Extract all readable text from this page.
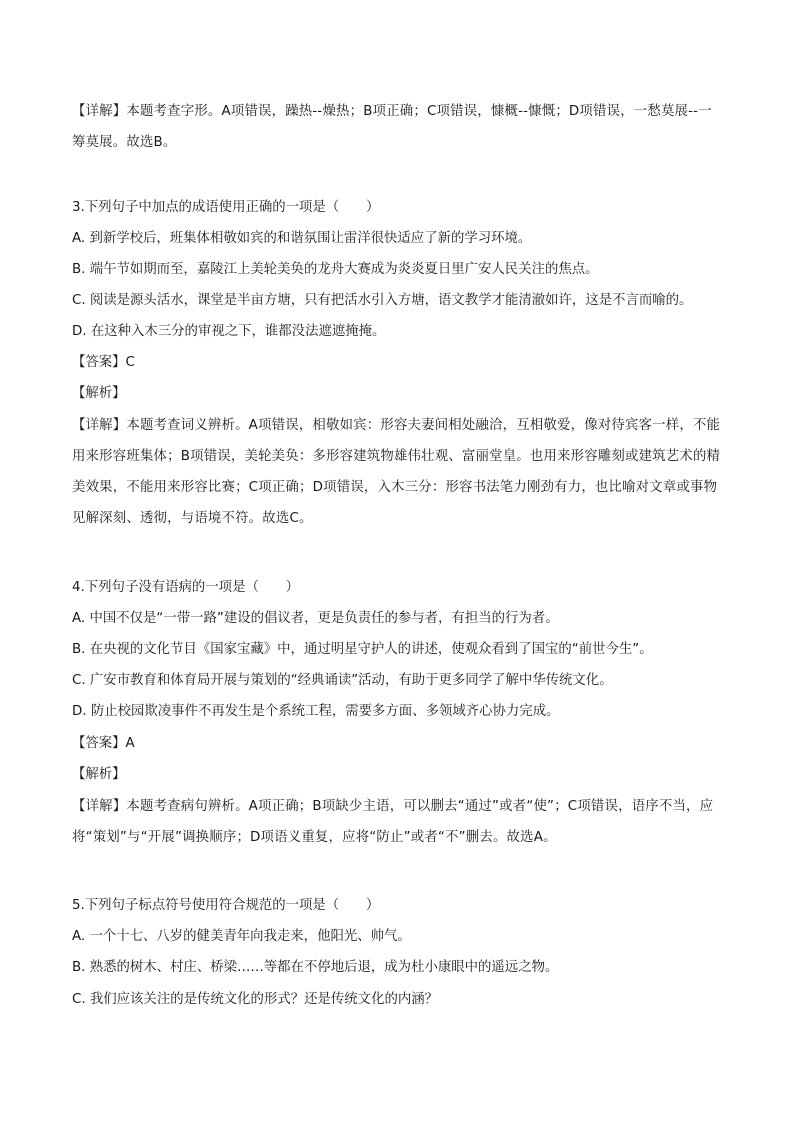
【详解】本题考查字形。A项错误，躁热--燥热；B项正确；C项错误，慷概--慷慨；D项错误，一愁莫展--一筹莫展。故选B。

3.下列句子中加点的成语使用正确的一项是（　　）

A. 到新学校后，班集体相敬如宾的和谐氛围让雷洋很快适应了新的学习环境。

B. 端午节如期而至，嘉陵江上美轮美奂的龙舟大赛成为炎炎夏日里广安人民关注的焦点。

C. 阅读是源头活水，课堂是半亩方塘，只有把活水引入方塘，语文教学才能清澈如许，这是不言而喻的。

D. 在这种入木三分的审视之下，谁都没法遮遮掩掩。

【答案】C

【解析】

【详解】本题考查词义辨析。A项错误，相敬如宾：形容夫妻间相处融洽，互相敬爱，像对待宾客一样，不能用来形容班集体；B项错误，美轮美奂：多形容建筑物雄伟壮观、富丽堂皇。也用来形容雕刻或建筑艺术的精美效果，不能用来形容比赛；C项正确；D项错误，入木三分：形容书法笔力刚劲有力，也比喻对文章或事物见解深刻、透彻，与语境不符。故选C。

4.下列句子没有语病的一项是（　　）

A. 中国不仅是“一带一路”建设的倡议者，更是负责任的参与者，有担当的行为者。

B. 在央视的文化节目《国家宝藏》中，通过明星守护人的讲述，使观众看到了国宝的“前世今生”。

C. 广安市教育和体育局开展与策划的“经典诵读”活动，有助于更多同学了解中华传统文化。

D. 防止校园欺凌事件不再发生是个系统工程，需要多方面、多领域齐心协力完成。

【答案】A

【解析】

【详解】本题考查病句辨析。A项正确；B项缺少主语，可以删去“通过”或者“使”；C项错误，语序不当，应将“策划”与“开展”调换顺序；D项语义重复，应将“防止”或者“不”删去。故选A。

5.下列句子标点符号使用符合规范的一项是（　　）

A. 一个十七、八岁的健美青年向我走来，他阳光、帅气。

B. 熟悉的树木、村庄、桥梁……等都在不停地后退，成为杜小康眼中的遥远之物。

C. 我们应该关注的是传统文化的形式？还是传统文化的内涵？
